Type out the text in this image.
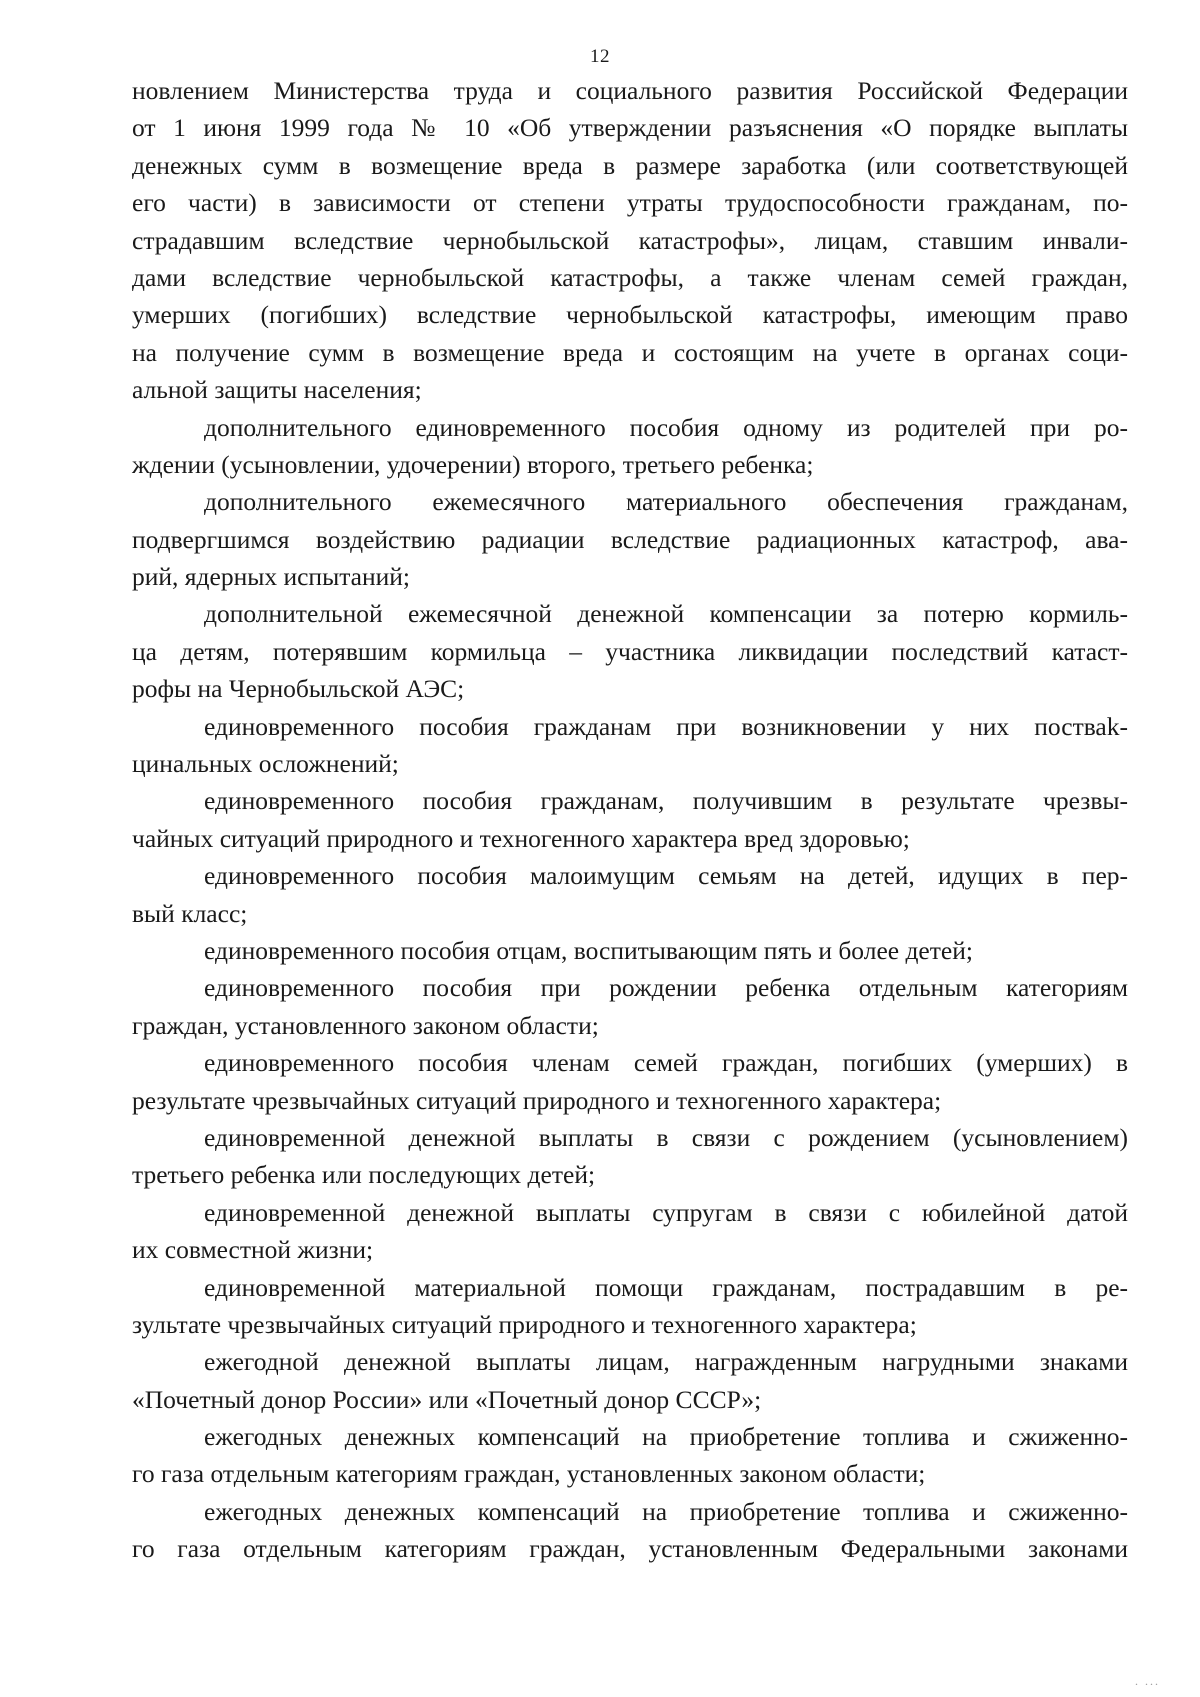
12
новлением Министерства труда и социального развития Российской Федерации
от 1 июня 1999 года № 10 «Об утверждении разъяснения «О порядке выплаты
денежных сумм в возмещение вреда в размере заработка (или соответствующей
его части) в зависимости от степени утраты трудоспособности гражданам, по-
страдавшим вследствие чернобыльской катастрофы», лицам, ставшим инвали-
дами вследствие чернобыльской катастрофы, а также членам семей граждан,
умерших (погибших) вследствие чернобыльской катастрофы, имеющим право
на получение сумм в возмещение вреда и состоящим на учете в органах соци-
альной защиты населения;
дополнительного единовременного пособия одному из родителей при ро-
ждении (усыновлении, удочерении) второго, третьего ребенка;
дополнительного ежемесячного материального обеспечения гражданам,
подвергшимся воздействию радиации вследствие радиационных катастроф, ава-
рий, ядерных испытаний;
дополнительной ежемесячной денежной компенсации за потерю кормиль-
ца детям, потерявшим кормильца – участника ликвидации последствий катаст-
рофы на Чернобыльской АЭС;
единовременного пособия гражданам при возникновении у них постваk-
цинальных осложнений;
единовременного пособия гражданам, получившим в результате чрезвы-
чайных ситуаций природного и техногенного характера вред здоровью;
единовременного пособия малоимущим семьям на детей, идущих в пер-
вый класс;
единовременного пособия отцам, воспитывающим пять и более детей;
единовременного пособия при рождении ребенка отдельным категориям
граждан, установленного законом области;
единовременного пособия членам семей граждан, погибших (умерших) в
результате чрезвычайных ситуаций природного и техногенного характера;
единовременной денежной выплаты в связи с рождением (усыновлением)
третьего ребенка или последующих детей;
единовременной денежной выплаты супругам в связи с юбилейной датой
их совместной жизни;
единовременной материальной помощи гражданам, пострадавшим в ре-
зультате чрезвычайных ситуаций природного и техногенного характера;
ежегодной денежной выплаты лицам, награжденным нагрудными знаками
«Почетный донор России» или «Почетный донор СССР»;
ежегодных денежных компенсаций на приобретение топлива и сжиженно-
го газа отдельным категориям граждан, установленных законом области;
ежегодных денежных компенсаций на приобретение топлива и сжиженно-
го газа отдельным категориям граждан, установленным Федеральными законами
. ...
